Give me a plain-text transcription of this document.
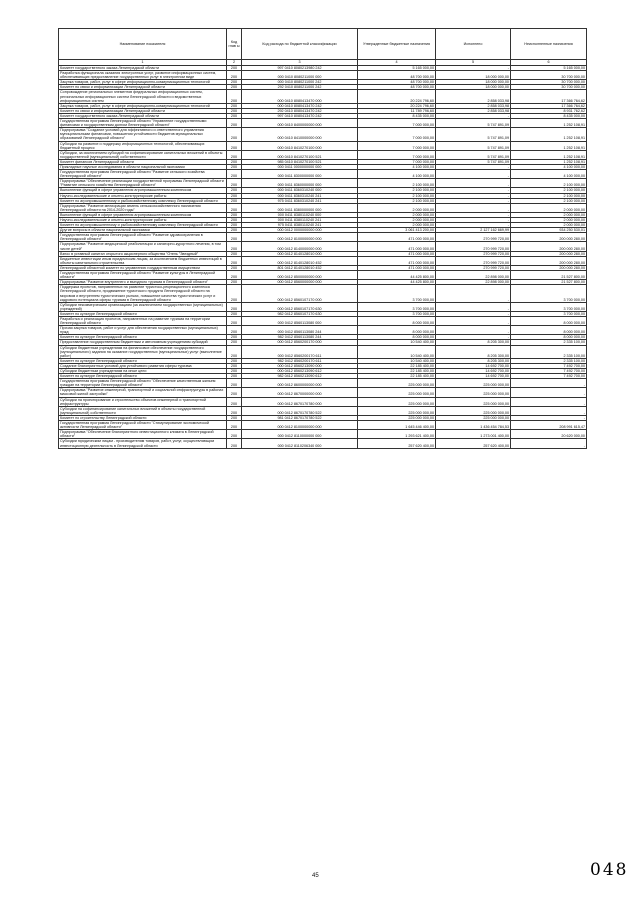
Наименование показателя	Код глав ы	Код расхода по бюджетной классификации	Утвержденные бюджетные назначения	Исполнено	Неисполненные назначения
1	2	3	4	5	6
Комитет государственного заказа Ленинградской области	200	997 0410 8080213980 242	5 165 000,00	-	5 165 000,00
Разработка функционала оказания электронных услуг, развитие информационных систем, обеспечивающих предоставление государственных услуг в электронном виде	200	000 0410 8080211000 000	48 700 000,00	18 000 000,00	30 700 000,00
Закупка товаров, работ, услуг в сфере информационно-коммуникационных технологий	200	000 0410 8080211000 242	48 700 000,00	18 000 000,00	30 700 000,00
Комитет по связи и информатизации Ленинградской области	200	292 0410 8080211000 242	48 700 000,00	18 000 000,00	30 700 000,00
Сопровождение региональных элементов федеральных информационных систем, региональных информационных систем Ленинградской области и ведомственных информационных систем	200	000 0410 8080413470 000	20 224 796,60	2 858 033,98	17 366 764,62
Закупка товаров, работ, услуг в сфере информационно-коммуникационных технологий	200	000 0410 8080413470 242	20 224 796,60	2 858 033,98	17 366 764,62
Комитет по связи и информатизации Ленинградской области	200	292 0410 8080413470 242	11 789 796,60	2 858 033,98	8 931 762,62
Комитет государственного заказа Ленинградской области	200	997 0410 8080413470 242	8 435 000,00	-	8 435 000,00
Государственная программа Ленинградской области "Управление государственными финансами и государственным долгом Ленинградской области"	200	000 0410 8400000000 000	7 000 000,00	5 747 891,09	1 252 108,91
Подпрограмма "Создание условий для эффективного и ответственного управления муниципальными финансами, повышения устойчивости бюджетов муниципальных образований Ленинградской области"	200	000 0410 8410000000 000	7 000 000,00	5 747 891,09	1 252 108,91
Субсидии на развитие и поддержку информационных технологий, обеспечивающих бюджетный процесс	200	000 0410 8410270100 000	7 000 000,00	5 747 891,09	1 252 108,91
Субсидии, за исключением субсидий на софинансирование капитальных вложений в объекты государственной (муниципальной) собственности	200	000 0410 8410270100 521	7 000 000,00	5 747 891,09	1 252 108,91
Комитет финансов Ленинградской области	200	985 0410 8410270100 521	7 000 000,00	5 747 891,09	1 252 108,91
Прикладные научные исследования в области национальной экономики	200	000 0411 0000000000 000	4 100 000,00	-	4 100 000,00
Государственная программа Ленинградской области "Развитие сельского хозяйства Ленинградской области"	200	000 0411 8300000000 000	4 100 000,00	-	4 100 000,00
Подпрограмма "Обеспечение реализации государственной программы Ленинградской области "Развитие сельского хозяйства Ленинградской области"	200	000 0411 8360000000 000	2 100 000,00	-	2 100 000,00
Выполнение функций в сфере управления агропромышленным комплексом	200	000 0411 8360310240 000	2 100 000,00	-	2 100 000,00
Научно-исследовательские и опытно-конструкторские работы	200	000 0411 8360310240 241	2 100 000,00	-	2 100 000,00
Комитет по агропромышленному и рыбохозяйственному комплексу Ленинградской области	200	975 0411 8360310240 241	2 100 000,00	-	2 100 000,00
Подпрограмма "Развитие мелиорации земель сельскохозяйственного назначения Ленинградской области на 2014-2020 годы"	200	000 0411 8380000000 000	2 000 000,00	-	2 000 000,00
Выполнение функций в сфере управления агропромышленным комплексом	200	000 0411 8380110240 000	2 000 000,00	-	2 000 000,00
Научно-исследовательские и опытно-конструкторские работы	200	000 0411 8380110240 241	2 000 000,00	-	2 000 000,00
Комитет по агропромышленному и рыбохозяйственному комплексу Ленинградской области	200	975 0411 8380110240 241	2 000 000,00	-	2 000 000,00
Другие вопросы в области национальной экономики	200	000 0412 0000000000 000	3 061 413 200,00	2 127 162 669,99	934 250 530,01
Государственная программа Ленинградской области "Развитие здравоохранения в Ленинградской области"	200	000 0412 8100000000 000	471 000 000,00	270 999 720,00	200 000 280,00
Подпрограмма "Развитие медицинской реабилитации и санаторно-курортного лечения, в том числе детей"	200	000 0412 8140000000 000	471 000 000,00	270 999 720,00	200 000 280,00
Взнос в уставный капитал открытого акционерного общества "Отель "Звездный"	200	000 0412 8140128010 000	471 000 000,00	270 999 720,00	200 000 280,00
Бюджетные инвестиции иным юридическим лицам, за исключением бюджетных инвестиций в объекты капитального строительства	200	000 0412 8140128010 452	471 000 000,00	270 999 720,00	200 000 280,00
Ленинградский областной комитет по управлению государственным имуществом	200	801 0412 8140128010 452	471 000 000,00	270 999 720,00	200 000 280,00
Государственная программа Ленинградской области "Развитие культуры в Ленинградской области"	200	000 0412 8500000000 000	44 425 800,00	22 898 000,00	21 527 800,00
Подпрограмма "Развитие внутреннего и въездного туризма в Ленинградской области"	200	000 0412 8560000000 000	44 425 800,00	22 898 000,00	21 527 800,00
Поддержка проектов, направленных на развитие туристско-рекреационного комплекса Ленинградской области, продвижение туристского продукта Ленинградской области на мировом и внутреннем туристических рынках, повышение качества туристических услуг и кадрового потенциала сферы туризма в Ленинградской области	200	000 0412 8560107170 000	3 700 000,00	-	3 700 000,00
Субсидии некоммерческим организациям (за исключением государственных (муниципальных) учреждений)	200	000 0412 8560107170 630	3 700 000,00	-	3 700 000,00
Комитет по культуре Ленинградской области	200	982 0412 8560107170 630	3 700 000,00	-	3 700 000,00
Разработка и реализация проектов, направленных на развитие туризма на территории Ленинградской области	200	000 0412 8560113080 000	8 000 000,00	-	8 000 000,00
Прочая закупка товаров, работ и услуг для обеспечения государственных (муниципальных) нужд	200	000 0412 8560113080 244	8 000 000,00	-	8 000 000,00
Комитет по культуре Ленинградской области	200	982 0412 8560113080 244	8 000 000,00	-	8 000 000,00
Предоставление государственным бюджетным и автономным учреждениям субсидий	200	000 0412 8560200170 000	10 540 400,00	8 205 300,00	2 335 100,00
Субсидии бюджетным учреждениям на финансовое обеспечение государственного (муниципального) задания на оказание государственных (муниципальных) услуг (выполнение работ)	200	000 0412 8560200170 611	10 540 400,00	8 205 300,00	2 335 100,00
Комитет по культуре Ленинградской области	200	982 0412 8560200170 611	10 540 400,00	8 205 300,00	2 335 100,00
Создание благоприятных условий для устойчивого развития сферы туризма	200	000 0412 8560213090 000	22 185 400,00	14 692 700,00	7 492 700,00
Субсидии бюджетным учреждениям на иные цели	200	000 0412 8560213090 612	22 185 400,00	14 692 700,00	7 492 700,00
Комитет по культуре Ленинградской области	200	982 0412 8560213090 612	22 185 400,00	14 692 700,00	7 492 700,00
Государственная программа Ленинградской области "Обеспечение качественным жильем граждан на территории Ленинградской области"	200	000 0412 8600000000 000	225 000 000,00	225 000 000,00	-
Подпрограмма "Развитие инженерной, транспортной и социальной инфраструктуры в районах массовой жилой застройки"	200	000 0412 8670000000 000	225 000 000,00	225 000 000,00	-
Субсидии на проектирование и строительство объектов инженерной и транспортной инфраструктуры	200	000 0412 8670170780 000	225 000 000,00	225 000 000,00	-
Субсидии на софинансирование капитальных вложений в объекты государственной (муниципальной) собственности	200	000 0412 8670170780 522	225 000 000,00	225 000 000,00	-
Комитет по строительству Ленинградской области	200	981 0412 8670170780 522	225 000 000,00	225 000 000,00	-
Государственная программа Ленинградской области "Стимулирование экономической активности Ленинградской области"	200	000 0412 8100000000 000	1 645 446 400,00	1 436 454 784,53	208 991 615,47
Подпрограмма "Обеспечение благоприятного инвестиционного климата в Ленинградской области"	200	000 0412 8110000000 000	1 293 621 400,00	1 273 001 400,00	20 620 000,00
Субсидии юридическим лицам - производителям товаров, работ, услуг, осуществляющим инвестиционную деятельность в Ленинградской области	200	000 0412 8110206340 000	257 620 400,00	257 620 400,00	-
45	048
